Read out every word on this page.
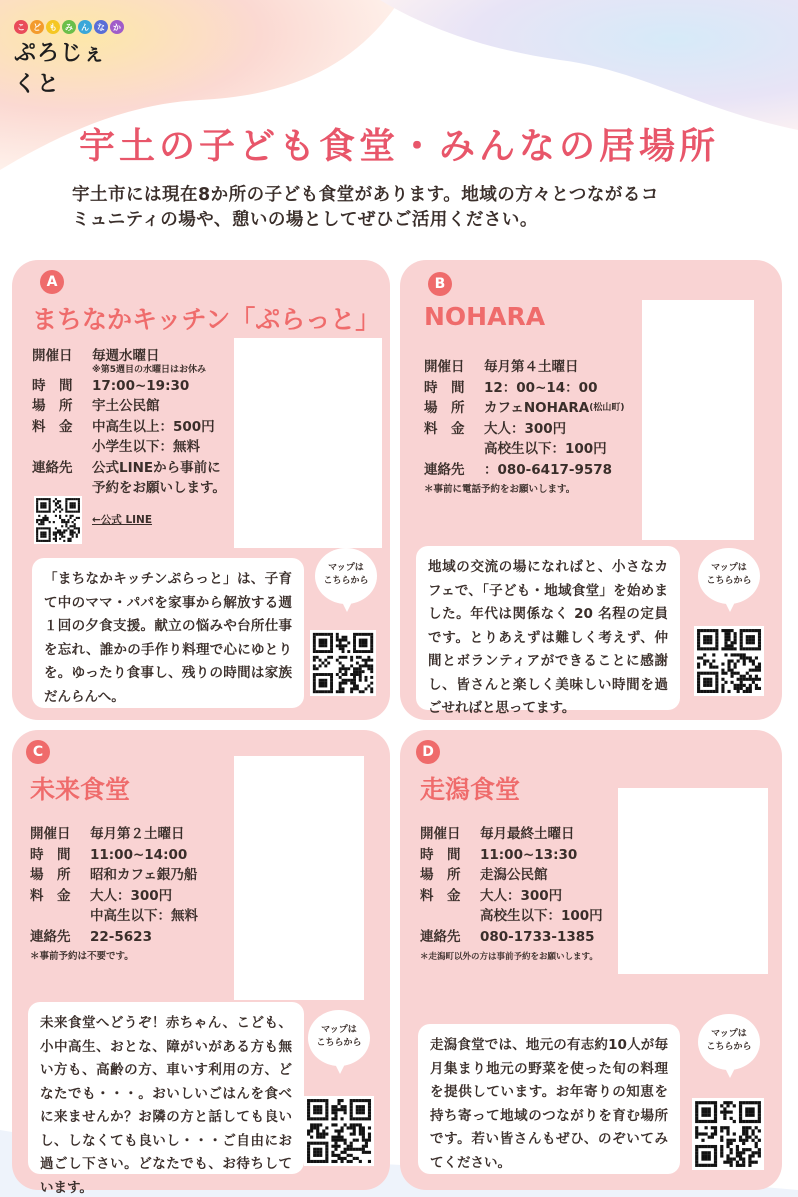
こ	ど	も	み	ん	な	か
ぷろじぇくと
宇土の子ども食堂・みんなの居場所
宇土市には現在8か所の子ども食堂があります。地域の方々とつながるコ
ミュニティの場や、憩いの場としてぜひご活用ください。
A
まちなかキッチン「ぷらっと」
開催日	毎週水曜日
※第5週目の水曜日はお休み
時　間	17:00~19:30
場　所	宇土公民館
料　金	中高生以上：500円
小学生以下：無料
連絡先	公式LINEから事前に
予約をお願いします。
←公式 LINE
「まちなかキッチンぷらっと」は、子育て中のママ・パパを家事から解放する週１回の夕食支援。献立の悩みや台所仕事を忘れ、誰かの手作り料理で心にゆとりを。ゆったり食事し、残りの時間は家族だんらんへ。
マップは
こちらから
B
NOHARA
開催日	毎月第４土曜日
時　間	12：00~14：00
場　所	カフェNOHARA (松山町)
料　金	大人：300円
高校生以下：100円
連絡先	：080-6417-9578
＊事前に電話予約をお願いします。
地域の交流の場になればと、小さなカフェで、「子ども・地域食堂」を始めました。年代は関係なく 20 名程の定員です。とりあえずは難しく考えず、仲間とボランティアができることに感謝し、皆さんと楽しく美味しい時間を過ごせればと思ってます。
マップは
こちらから
C
未来食堂
開催日	毎月第２土曜日
時　間	11:00~14:00
場　所	昭和カフェ銀乃船
料　金	大人：300円
中高生以下：無料
連絡先	22-5623
＊事前予約は不要です。
未来食堂へどうぞ！赤ちゃん、こども、小中高生、おとな、障がいがある方も無い方も、高齢の方、車いす利用の方、どなたでも・・・。おいしいごはんを食べに来ませんか？お隣の方と話しても良いし、しなくても良いし・・・ご自由にお過ごし下さい。どなたでも、お待ちしています。
マップは
こちらから
D
走潟食堂
開催日	毎月最終土曜日
時　間	11:00~13:30
場　所	走潟公民館
料　金	大人：300円
高校生以下：100円
連絡先	080-1733-1385
＊走潟町以外の方は事前予約をお願いします。
走潟食堂では、地元の有志約10人が毎月集まり地元の野菜を使った旬の料理を提供しています。お年寄りの知恵を持ち寄って地域のつながりを育む場所です。若い皆さんもぜひ、のぞいてみてください。
マップは
こちらから
